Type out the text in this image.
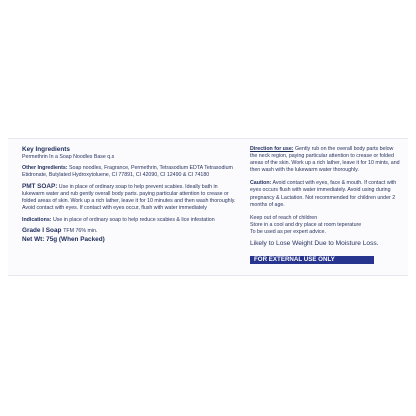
Key Ingredients
Permethrin In a Soap Noodles Base q.s
Other Ingredients: Soap noodles, Fragrance, Permethrin, Tetrasodium EDTA Tetrasodium Etidronate, Butylated Hydroxytoluene, CI 77891, CI 42090, CI 12490 & CI 74180
PMT SOAP: Use in place of ordinary soap to help prevent scabies. Ideally bath in lukewarm water and rub gently overall body parts. paying particular attention to crease or folded areas of skin. Work up a rich lather, leave it for 10 minutes and then wash thoroughly. Avoid contact with eyes. If contact with eyes occur, flush with water immediately
Indications: Use in place of ordinary soap to help reduce scabies & lice infestation
Grade I Soap TFM 76% min.
Net Wt: 75g (When Packed)
Direction for use: Gently rub on the overall body parts below the neck region, paying particular attention to crease or folded areas of the skin. Work up a rich lather, leave it for 10 mints, and then wash with the lukewarm water thoroughly.
Caution: Avoid contact with eyes, face & mouth. If contact with eyes occurs flush with water immediately. Avoid using during pregnancy & Lactation. Not recommended for children under 2 months of age.
Keep out of reach of children
Store in a cool and dry place at room teperature
To be used as per expert advice.
Likely to Lose Weight Due to Moisture Loss.
FOR EXTERNAL USE ONLY
